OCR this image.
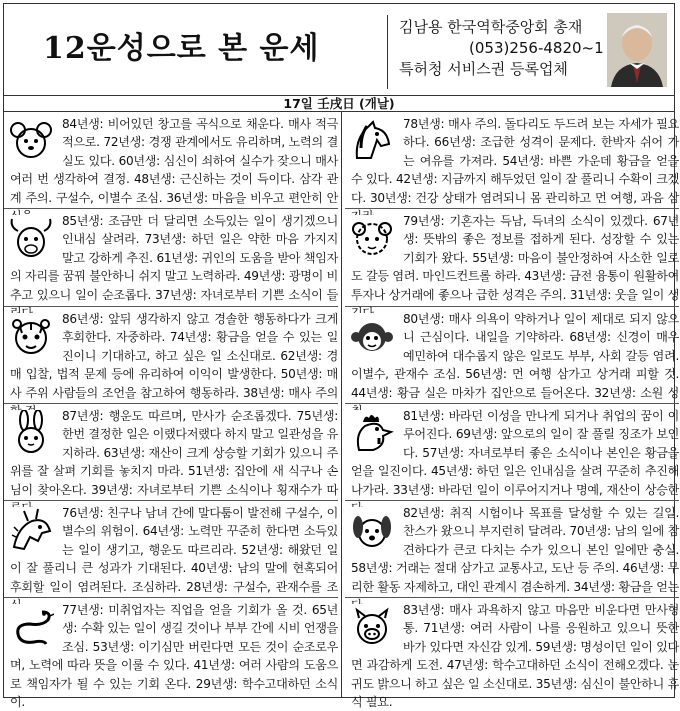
12운성으로 본 운세
김남용 한국역학중앙회 총재
(053)256-4820~1
특허청 서비스권 등록업체
17일 壬戌日 (개날)
84년생: 비어있던 창고를 곡식으로 채운다. 매사 적극적으로. 72년생: 경쟁 관계에서도 유리하며, 노력의 결실도 있다. 60년생: 심신이 쇠하여 실수가 잦으니 매사 여러 번 생각하여 결정. 48년생: 근신하는 것이 득이다. 삼각 관계 주의. 구설수, 이별수 조심. 36년생: 마음을 비우고 편안히 안
78년생: 매사 주의. 돌다리도 두드려 보는 자세가 필요하다. 66년생: 조급한 성격이 문제다. 한박자 쉬어 가는 여유를 가져라. 54년생: 바쁜 가운데 황금을 얻을 수 있다. 42년생: 지금까지 해두었던 일이 잘 풀리니 수확이 크겠다. 30년생: 건강 상태가 염려되니 몸 관리하고 먼 여행, 과음 삼
85년생: 조금만 더 달리면 소득있는 일이 생기겠으니 인내심 살려라. 73년생: 하던 일은 약한 마음 가지지 말고 강하게 추진. 61년생: 귀인의 도움을 받아 책임자의 자리를 꿈꿔 불안하니 쉬지 말고 노력하라. 49년생: 광명이 비추고 있으니 일이 순조롭다. 37년생: 자녀로부터 기쁜 소식이 들
79년생: 기혼자는 득남, 득녀의 소식이 있겠다. 67년생: 뜻밖의 좋은 정보를 접하게 된다. 성장할 수 있는 기회가 왔다. 55년생: 마음이 불안정하여 사소한 일로도 갈등 염려. 마인드컨트롤 하라. 43년생: 금전 융통이 원활하여 투자나 상거래에 좋으나 급한 성격은 주의. 31년생: 웃을 일이 생
86년생: 앞뒤 생각하지 않고 경솔한 행동하다가 크게 후회한다. 자중하라. 74년생: 황금을 얻을 수 있는 일 진이니 기대하고, 하고 싶은 일 소신대로. 62년생: 경매 입찰, 법적 문제 등에 유리하여 이익이 발생한다. 50년생: 매사 주위 사람들의 조언을 참고하여 행동하라. 38년생: 매사 주의
80년생: 매사 의욕이 약하거나 일이 제대로 되지 않으니 근심이다. 내일을 기약하라. 68년생: 신경이 매우 예민하여 대수롭지 않은 일로도 부부, 사회 갈등 염려. 이별수, 관재수 조심. 56년생: 먼 여행 삼가고 상거래 피할 것. 44년생: 황금 실은 마차가 집안으로 들어온다. 32년생: 소원 성
87년생: 행운도 따르며, 만사가 순조롭겠다. 75년생: 한번 결정한 일은 이랬다저랬다 하지 말고 일관성을 유지하라. 63년생: 재산이 크게 상승할 기회가 있으니 주위를 잘 살펴 기회를 놓치지 마라. 51년생: 집안에 새 식구나 손님이 찾아온다. 39년생: 자녀로부터 기쁜 소식이나 횡재수가 따
81년생: 바라던 이성을 만나게 되거나 취업의 꿈이 이루어진다. 69년생: 앞으로의 일이 잘 풀릴 징조가 보인다. 57년생: 자녀로부터 좋은 소식이나 본인은 황금을 얻을 일진이다. 45년생: 하던 일은 인내심을 살려 꾸준히 추진해 나가라. 33년생: 바라던 일이 이루어지거나 명예, 재산이 상승한
76년생: 친구나 남녀 간에 말다툼이 발전해 구설수, 이별수의 위험이. 64년생: 노력만 꾸준히 한다면 소득있는 일이 생기고, 행운도 따르리라. 52년생: 해왔던 일이 잘 풀리니 큰 성과가 기대된다. 40년생: 남의 말에 현혹되어 후회할 일이 염려된다. 조심하라. 28년생: 구설수, 관재수를 조
82년생: 취직 시험이나 목표를 달성할 수 있는 길일. 찬스가 왔으니 부지런히 달려라. 70년생: 남의 일에 참견하다가 큰코 다치는 수가 있으니 본인 일에만 충실. 58년생: 거래는 절대 삼가고 교통사고, 도난 등 주의. 46년생: 무리한 활동 자제하고, 대인 관계시 겸손하게. 34년생: 황금을 얻는
77년생: 미취업자는 직업을 얻을 기회가 올 것. 65년생: 수확 있는 일이 생길 것이나 부부 간에 시비 언쟁을 조심. 53년생: 이기심만 버린다면 모든 것이 순조로우며, 노력에 따라 뜻을 이룰 수 있다. 41년생: 여러 사람의 도움으로 책임자가 될 수 있는 기회 온다. 29년생: 학수고대하던 소식이.
83년생: 매사 과욕하지 않고 마음만 비운다면 만사형통. 71년생: 여러 사람이 나를 응원하고 있으니 뜻한 바가 있다면 자신감 있게. 59년생: 명성이던 일이 있다면 과감하게 도전. 47년생: 학수고대하던 소식이 전해오겠다. 눈귀도 밝으니 하고 싶은 일 소신대로. 35년생: 심신이 불안하니 휴식 필요.
